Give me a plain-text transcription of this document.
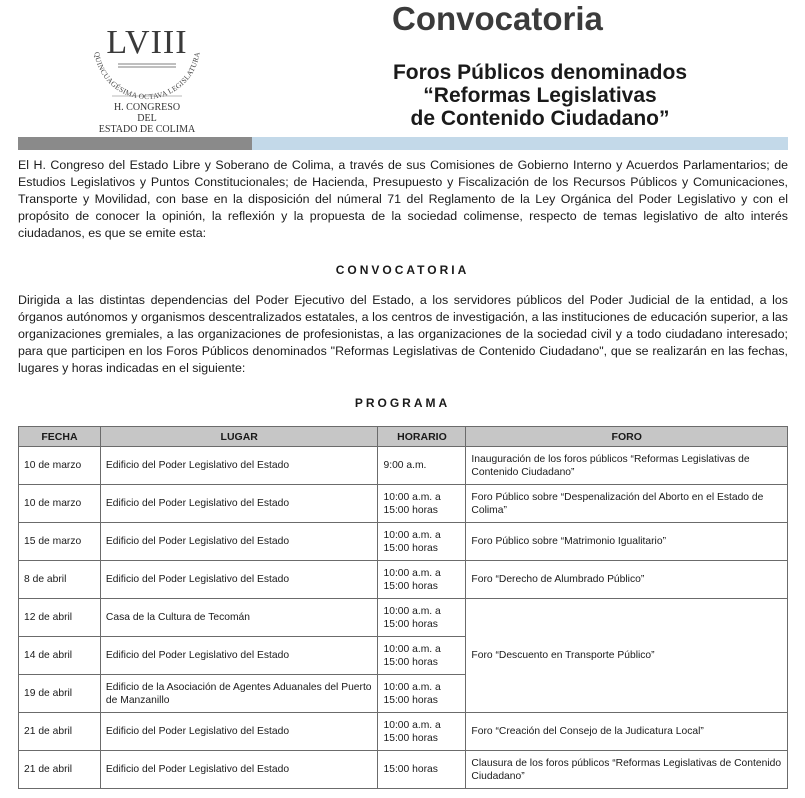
QUINCUAGÉSIMA OCTAVA LEGISLATURA
LVIII
H. CONGRESO
DEL
ESTADO DE COLIMA
Convocatoria
Foros Públicos denominados
“Reformas Legislativas
de Contenido Ciudadano”

El H. Congreso del Estado Libre y Soberano de Colima, a través de sus Comisiones de Gobierno Interno y Acuerdos Parlamentarios; de Estudios Legislativos y Puntos Constitucionales; de Hacienda, Presupuesto y Fiscalización de los Recursos Públicos y Comunicaciones, Transporte y Movilidad, con base en la disposición del númeral 71 del Reglamento de la Ley Orgánica del Poder Legislativo y con el propósito de conocer la opinión, la reflexión y la propuesta de la sociedad colimense, respecto de temas legislativo de alto interés ciudadanos, es que se emite esta:

CONVOCATORIA

Dirigida a las distintas dependencias del Poder Ejecutivo del Estado, a los servidores públicos del Poder Judicial de la entidad, a los órganos autónomos y organismos descentralizados estatales, a los centros de investigación, a las instituciones de educación superior, a las organizaciones gremiales, a las organizaciones de profesionistas, a las organizaciones de la sociedad civil y a todo ciudadano interesado; para que participen en los Foros Públicos denominados "Reformas Legislativas de Contenido Ciudadano", que se realizarán en las fechas, lugares y horas indicadas en el siguiente:

PROGRAMA
FECHA	LUGAR	HORARIO	FORO
10 de marzo	Edificio del Poder Legislativo del Estado	9:00 a.m.	Inauguración de los foros públicos “Reformas Legislativas de Contenido Ciudadano”
10 de marzo	Edificio del Poder Legislativo del Estado	10:00 a.m. a 15:00 horas	Foro Público sobre “Despenalización del Aborto en el Estado de Colima”
15 de marzo	Edificio del Poder Legislativo del Estado	10:00 a.m. a 15:00 horas	Foro Público sobre “Matrimonio Igualitario”
8 de abril	Edificio del Poder Legislativo del Estado	10:00 a.m. a 15:00 horas	Foro “Derecho de Alumbrado Público”
12 de abril	Casa de la Cultura de Tecomán	10:00 a.m. a 15:00 horas	Foro “Descuento en Transporte Público”
14 de abril	Edificio del Poder Legislativo del Estado	10:00 a.m. a 15:00 horas	
19 de abril	Edificio de la Asociación de Agentes Aduanales del Puerto de Manzanillo	10:00 a.m. a 15:00 horas	
21 de abril	Edificio del Poder Legislativo del Estado	10:00 a.m. a 15:00 horas	Foro “Creación del Consejo de la Judicatura Local”
21 de abril	Edificio del Poder Legislativo del Estado	15:00 horas	Clausura de los foros públicos “Reformas Legislativas de Contenido Ciudadano”
